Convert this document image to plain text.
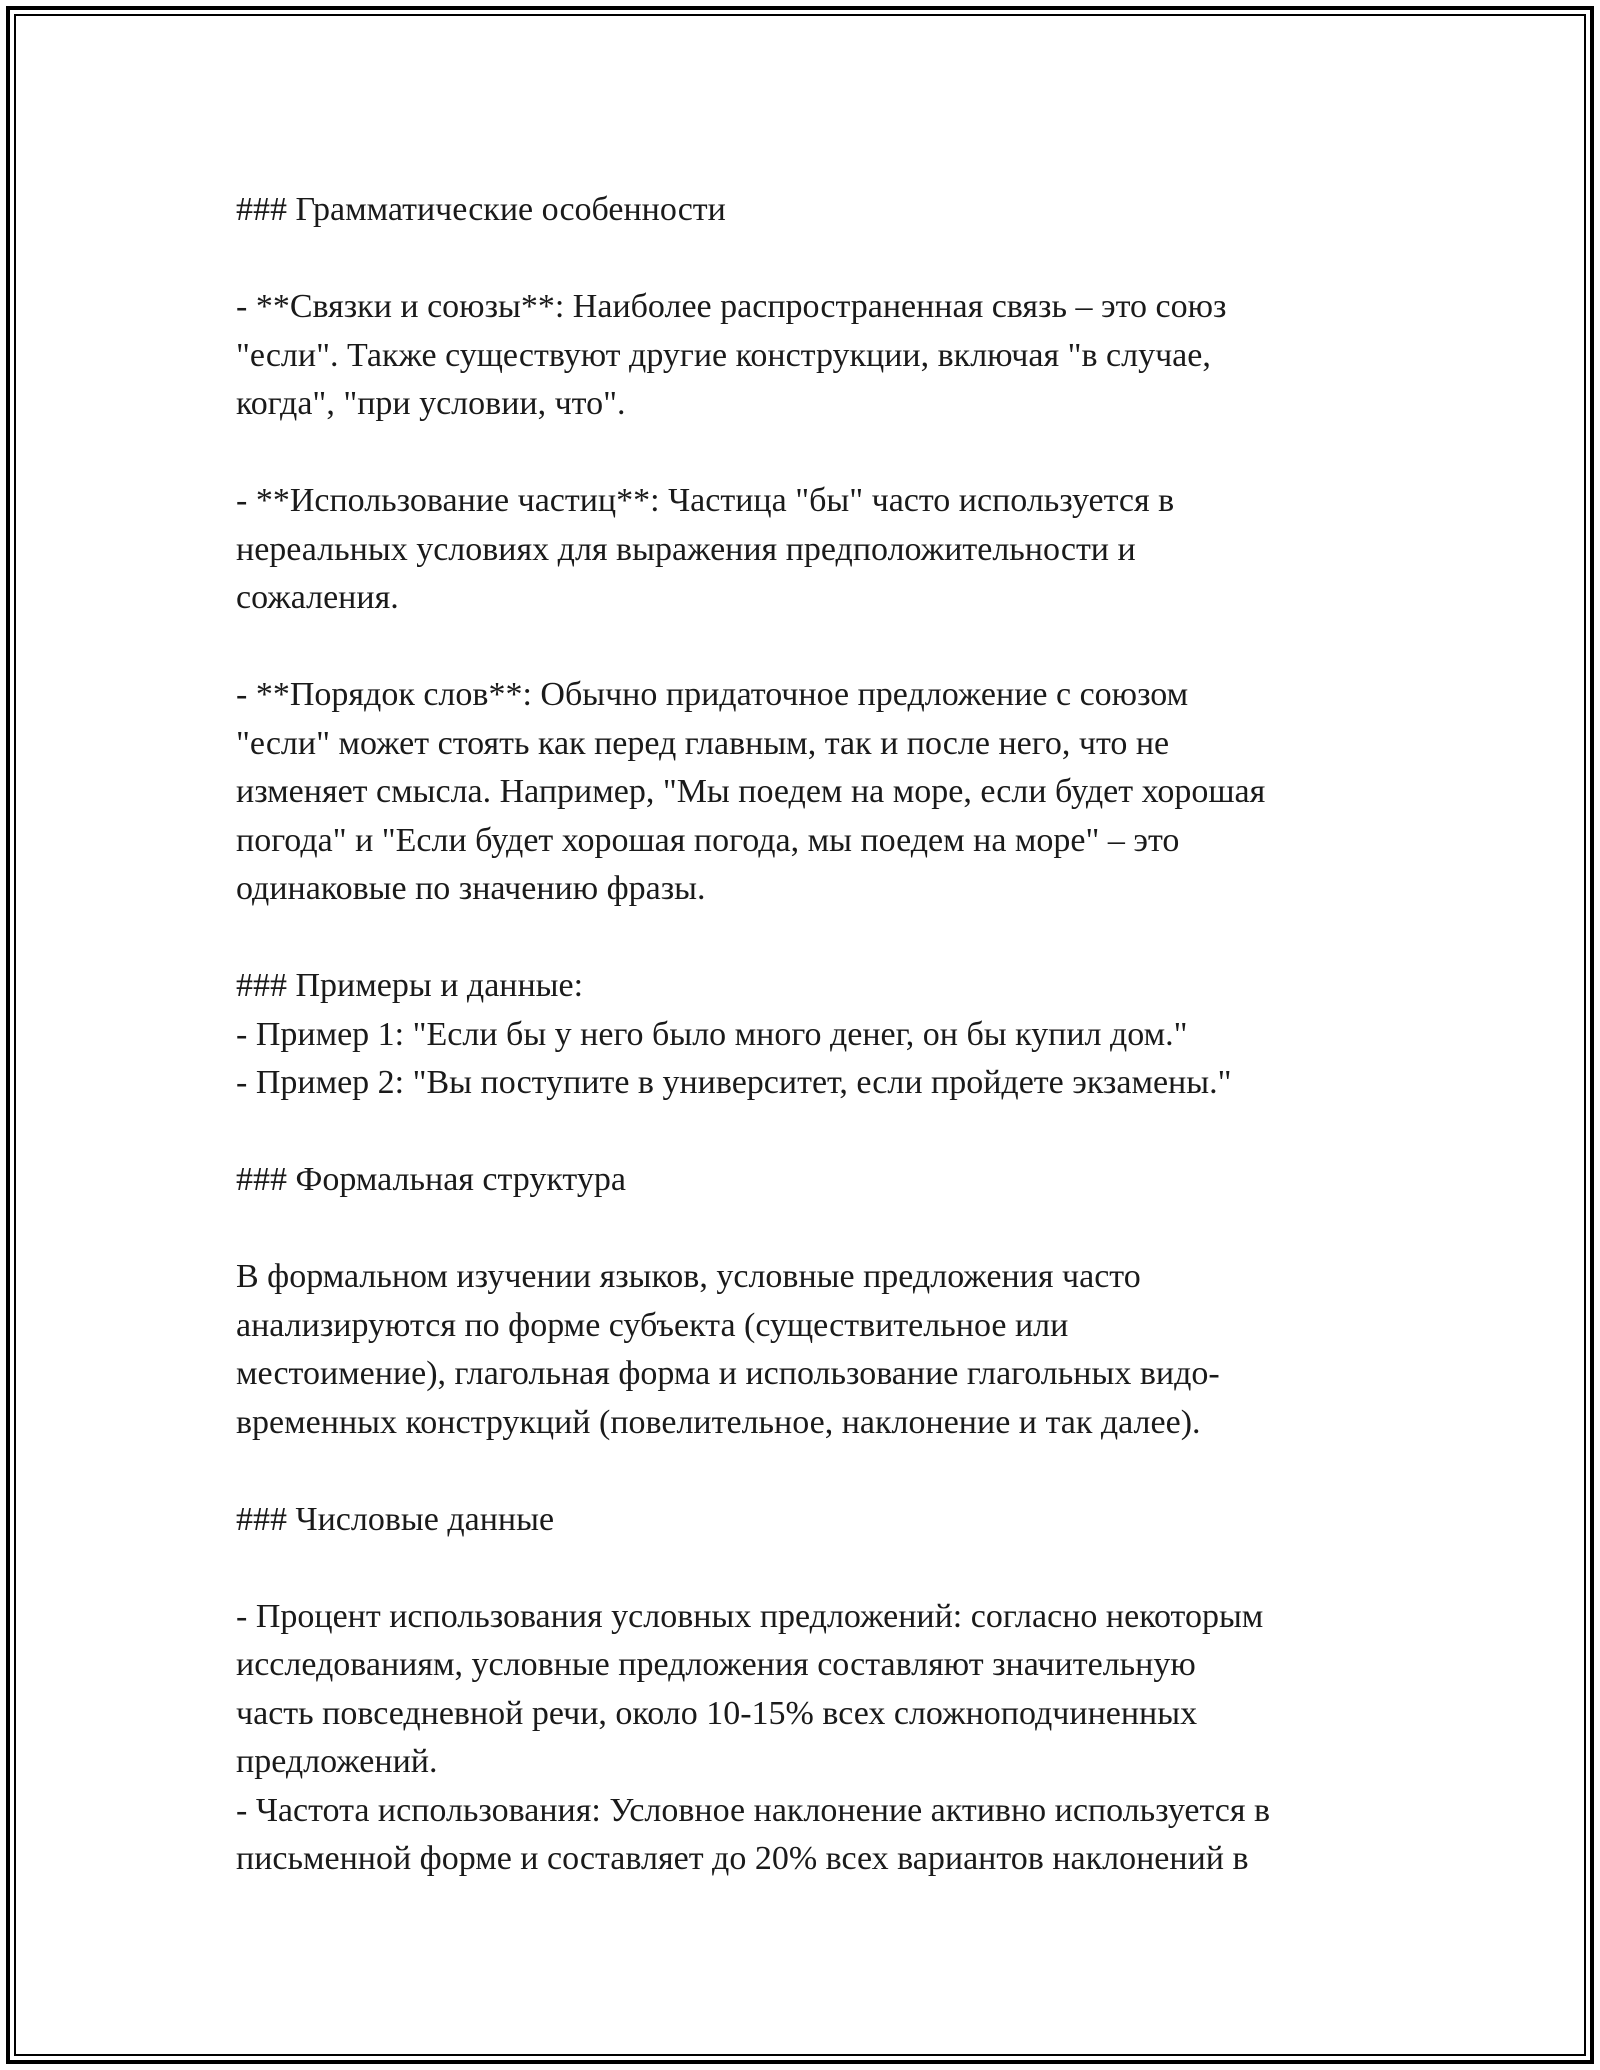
### Грамматические особенности

- **Связки и союзы**: Наиболее распространенная связь – это союз
"если". Также существуют другие конструкции, включая "в случае,
когда", "при условии, что".

- **Использование частиц**: Частица "бы" часто используется в
нереальных условиях для выражения предположительности и
сожаления.

- **Порядок слов**: Обычно придаточное предложение с союзом
"если" может стоять как перед главным, так и после него, что не
изменяет смысла. Например, "Мы поедем на море, если будет хорошая
погода" и "Если будет хорошая погода, мы поедем на море" – это
одинаковые по значению фразы.

### Примеры и данные:
- Пример 1: "Если бы у него было много денег, он бы купил дом."
- Пример 2: "Вы поступите в университет, если пройдете экзамены."

### Формальная структура

В формальном изучении языков, условные предложения часто
анализируются по форме субъекта (существительное или
местоимение), глагольная форма и использование глагольных видо-
временных конструкций (повелительное, наклонение и так далее).

### Числовые данные

- Процент использования условных предложений: согласно некоторым
исследованиям, условные предложения составляют значительную
часть повседневной речи, около 10-15% всех сложноподчиненных
предложений.
- Частота использования: Условное наклонение активно используется в
письменной форме и составляет до 20% всех вариантов наклонений в
